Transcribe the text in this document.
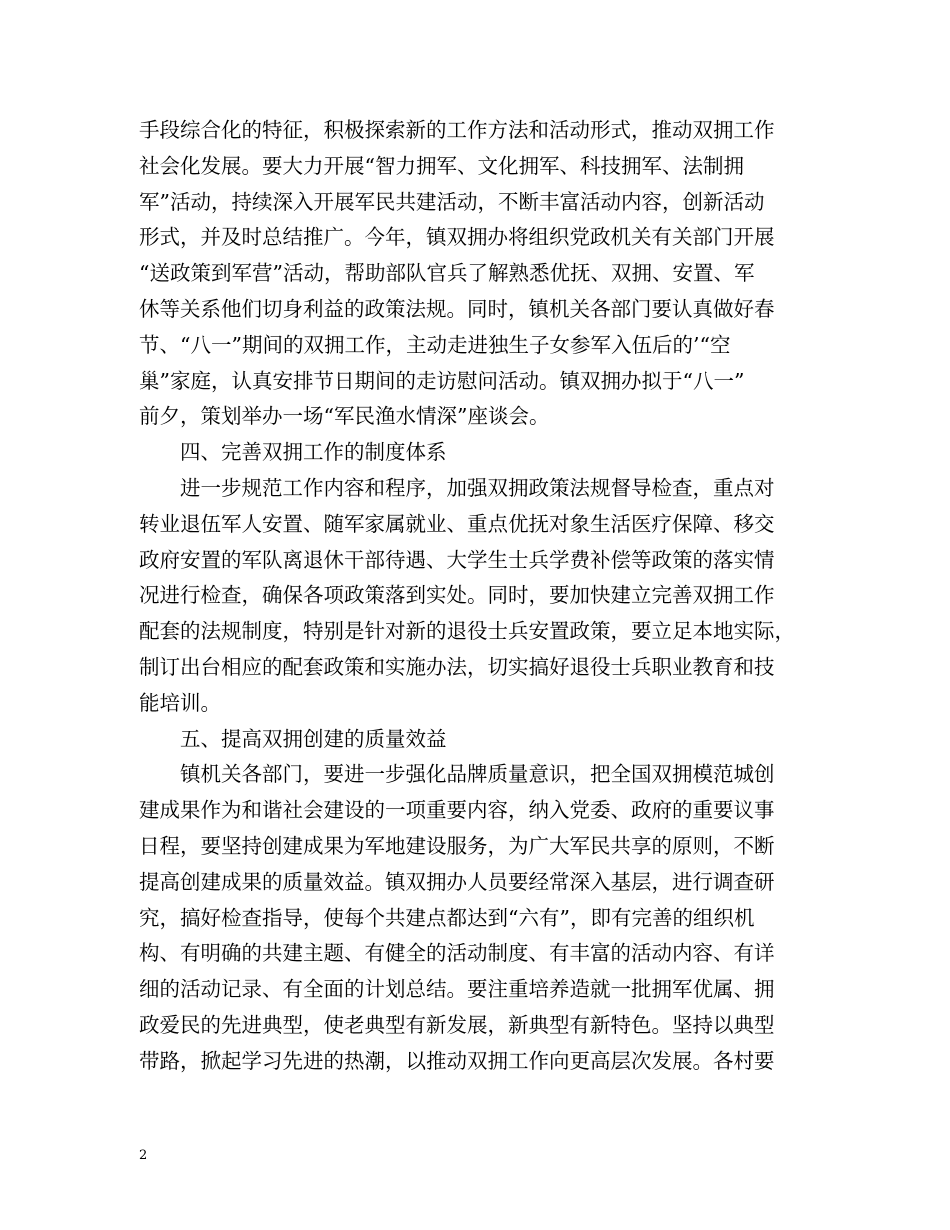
手段综合化的特征，积极探索新的工作方法和活动形式，推动双拥工作
社会化发展。要大力开展“智力拥军、文化拥军、科技拥军、法制拥
军”活动，持续深入开展军民共建活动，不断丰富活动内容，创新活动
形式，并及时总结推广。今年，镇双拥办将组织党政机关有关部门开展
“送政策到军营”活动，帮助部队官兵了解熟悉优抚、双拥、安置、军
休等关系他们切身利益的政策法规。同时，镇机关各部门要认真做好春
节、“八一”期间的双拥工作，主动走进独生子女参军入伍后的’“空
巢”家庭，认真安排节日期间的走访慰问活动。镇双拥办拟于“八一”
前夕，策划举办一场“军民渔水情深”座谈会。
四、完善双拥工作的制度体系
进一步规范工作内容和程序，加强双拥政策法规督导检查，重点对
转业退伍军人安置、随军家属就业、重点优抚对象生活医疗保障、移交
政府安置的军队离退休干部待遇、大学生士兵学费补偿等政策的落实情
况进行检查，确保各项政策落到实处。同时，要加快建立完善双拥工作
配套的法规制度，特别是针对新的退役士兵安置政策，要立足本地实际，
制订出台相应的配套政策和实施办法，切实搞好退役士兵职业教育和技
能培训。
五、提高双拥创建的质量效益
镇机关各部门，要进一步强化品牌质量意识，把全国双拥模范城创
建成果作为和谐社会建设的一项重要内容，纳入党委、政府的重要议事
日程，要坚持创建成果为军地建设服务，为广大军民共享的原则，不断
提高创建成果的质量效益。镇双拥办人员要经常深入基层，进行调查研
究，搞好检查指导，使每个共建点都达到“六有”，即有完善的组织机
构、有明确的共建主题、有健全的活动制度、有丰富的活动内容、有详
细的活动记录、有全面的计划总结。要注重培养造就一批拥军优属、拥
政爱民的先进典型，使老典型有新发展，新典型有新特色。坚持以典型
带路，掀起学习先进的热潮，以推动双拥工作向更高层次发展。各村要
2
